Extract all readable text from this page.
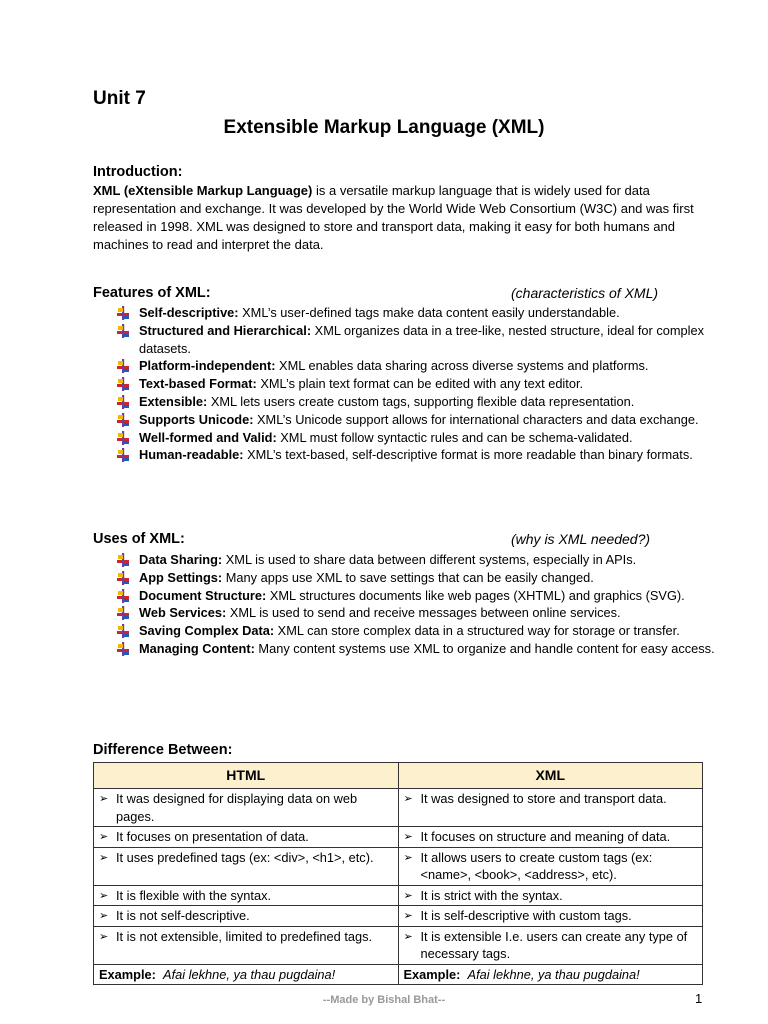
Unit 7
Extensible Markup Language (XML)
Introduction:
XML (eXtensible Markup Language) is a versatile markup language that is widely used for data representation and exchange. It was developed by the World Wide Web Consortium (W3C) and was first released in 1998. XML was designed to store and transport data, making it easy for both humans and machines to read and interpret the data.
Features of XML:	(characteristics of XML)
Self-descriptive: XML’s user-defined tags make data content easily understandable.
Structured and Hierarchical: XML organizes data in a tree-like, nested structure, ideal for complex datasets.
Platform-independent: XML enables data sharing across diverse systems and platforms.
Text-based Format: XML’s plain text format can be edited with any text editor.
Extensible: XML lets users create custom tags, supporting flexible data representation.
Supports Unicode: XML’s Unicode support allows for international characters and data exchange.
Well-formed and Valid: XML must follow syntactic rules and can be schema-validated.
Human-readable: XML’s text-based, self-descriptive format is more readable than binary formats.
Uses of XML:	(why is XML needed?)
Data Sharing: XML is used to share data between different systems, especially in APIs.
App Settings: Many apps use XML to save settings that can be easily changed.
Document Structure: XML structures documents like web pages (XHTML) and graphics (SVG).
Web Services: XML is used to send and receive messages between online services.
Saving Complex Data: XML can store complex data in a structured way for storage or transfer.
Managing Content: Many content systems use XML to organize and handle content for easy access.
Difference Between:
HTML	XML

➢ It was designed for displaying data on web pages.	➢ It was designed to store and transport data.

➢ It focuses on presentation of data.	➢ It focuses on structure and meaning of data.

➢ It uses predefined tags (ex: <div>, <h1>, etc).	➢ It allows users to create custom tags (ex: <name>, <book>, <address>, etc).

➢ It is flexible with the syntax.	➢ It is strict with the syntax.

➢ It is not self-descriptive.	➢ It is self-descriptive with custom tags.

➢ It is not extensible, limited to predefined tags.	➢ It is extensible I.e. users can create any type of necessary tags.
Example: Afai lekhne, ya thau pugdaina!	Example: Afai lekhne, ya thau pugdaina!
--Made by Bishal Bhat--	1
